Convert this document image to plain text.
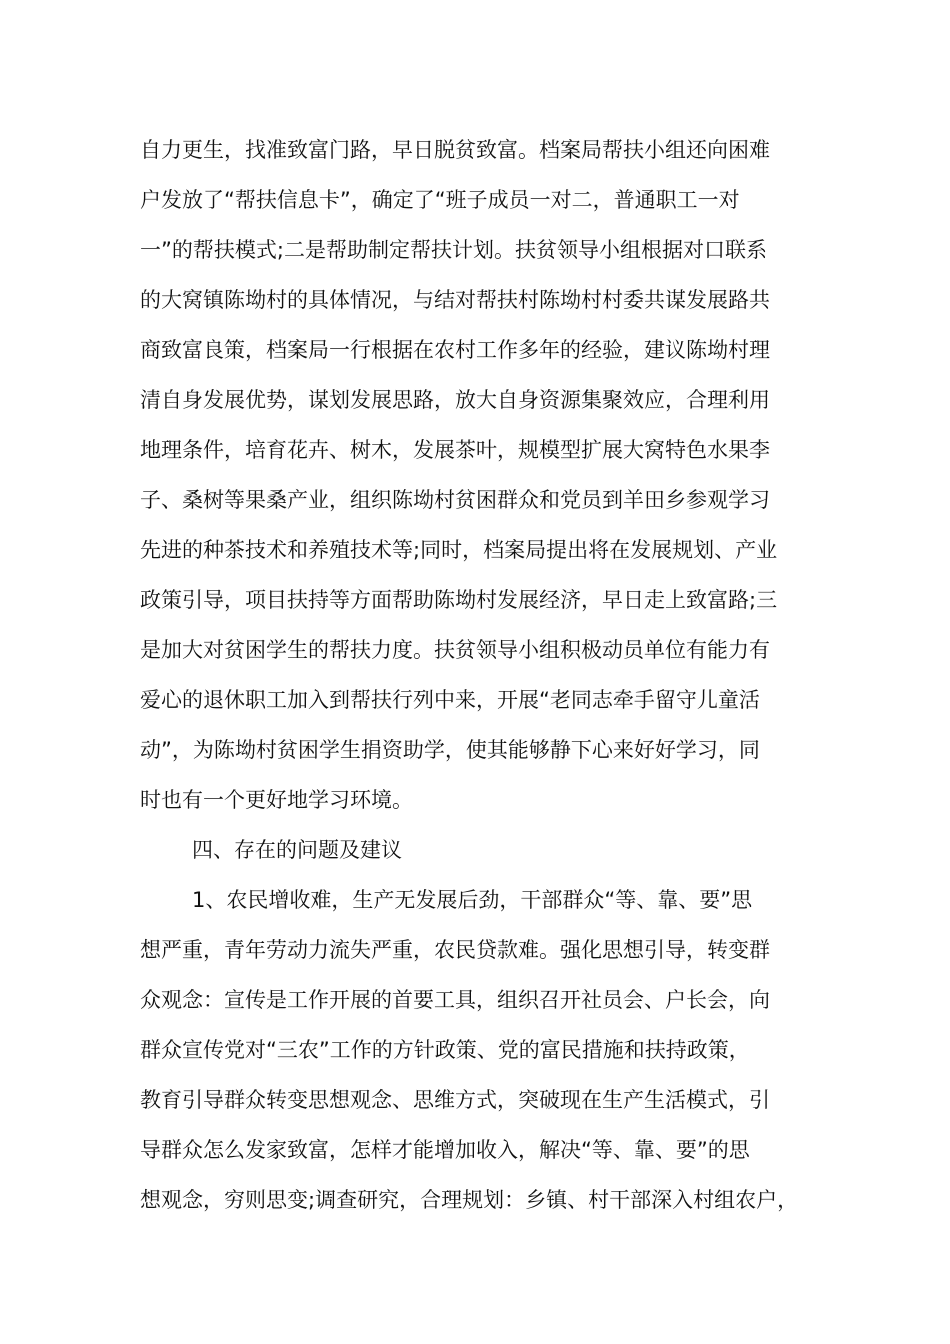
自力更生，找准致富门路，早日脱贫致富。档案局帮扶小组还向困难
户发放了“帮扶信息卡”，确定了“班子成员一对二，普通职工一对
一”的帮扶模式;二是帮助制定帮扶计划。扶贫领导小组根据对口联系
的大窝镇陈坳村的具体情况，与结对帮扶村陈坳村村委共谋发展路共
商致富良策，档案局一行根据在农村工作多年的经验，建议陈坳村理
清自身发展优势，谋划发展思路，放大自身资源集聚效应，合理利用
地理条件，培育花卉、树木，发展茶叶，规模型扩展大窝特色水果李
子、桑树等果桑产业，组织陈坳村贫困群众和党员到羊田乡参观学习
先进的种茶技术和养殖技术等;同时，档案局提出将在发展规划、产业
政策引导，项目扶持等方面帮助陈坳村发展经济，早日走上致富路;三
是加大对贫困学生的帮扶力度。扶贫领导小组积极动员单位有能力有
爱心的退休职工加入到帮扶行列中来，开展“老同志牵手留守儿童活
动”，为陈坳村贫困学生捐资助学，使其能够静下心来好好学习，同
时也有一个更好地学习环境。
四、存在的问题及建议
1、农民增收难，生产无发展后劲，干部群众“等、靠、要”思
想严重，青年劳动力流失严重，农民贷款难。强化思想引导，转变群
众观念：宣传是工作开展的首要工具，组织召开社员会、户长会，向
群众宣传党对“三农”工作的方针政策、党的富民措施和扶持政策，
教育引导群众转变思想观念、思维方式，突破现在生产生活模式，引
导群众怎么发家致富，怎样才能增加收入，解决“等、靠、要”的思
想观念，穷则思变;调查研究，合理规划：乡镇、村干部深入村组农户，
